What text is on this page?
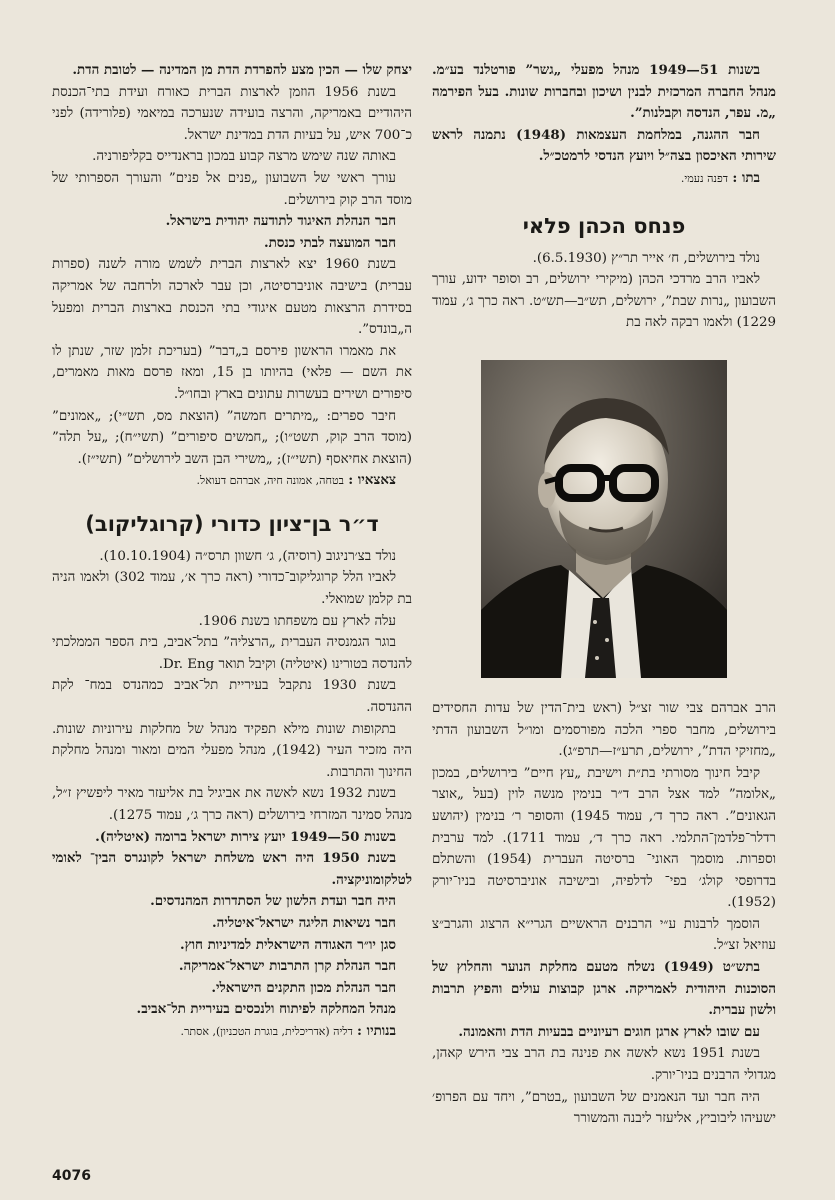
בשנות 51—1949 מנהל מפעלי „גשר” פורטלנד בע״מ. מנהל החברה המרכזית לבנין ושיכון ובחברות שונות. בעל הפירמה „מ. עפר, הנדסה וקבלנות”.

חבר ההגנה, במלחמת העצמאות (1948) נתמנה לראש שירותי האיכסון בצה״ל ויועץ הנדסי לרמטכ״ל.

בתו : דפנה נעמי.

פנחס הכהן פלאי

נולד בירושלים, ח׳ אייר תר״ץ (6.5.1930).

לאביו הרב מרדכי הכהן (מיקירי ירושלים, רב וסופר ידוע, עורך השבועון „נרות שבת”, ירושלים, תש״ב—תש״ט. ראה כרך ג׳, עמוד 1229) ולאמו רבקה לאה בת

הרב אברהם צבי שור זצ״ל (ראש בית־הדין של עדות החסידים בירושלים, מחבר ספרי הלכה מפורסמים ומו״ל השבועון הדתי „מחזיקי הדת”, ירושלים, תרע״ז—תרפ״ג).

קיבל חינוך מסורתי בת״ת וישיבת „עץ חיים” בירושלים, במכון „אלומה” למד אצל הרב ד״ר בנימין מנשה לוין (בעל „אוצר הגאונים”. ראה כרך ד׳, עמוד 1945) והסופר ר׳ בנימין (יהושע רדלר־פלדמן־התלמי. ראה כרך ד׳, עמוד 1711). למד ערבית וספרות. מוסמך האוני־ ברסיטה העברית (1954) והשתלם בדרופסי קולג׳ בפי־ לדלפיה, ובישיבה אוניברסיטה בניו־יורק (1952).

הוסמך לרבנות ע״י הרבנים הראשיים הגרי״א הרצוג והגרב״צ עוזיאל זצ״ל.

בתש״ט (1949) נשלח מטעם מחלקת הנוער והחלוץ של הסוכנות היהודית לאמריקה. ארגן קבוצות עולים והפיץ תרבות ולשון עברית.

עם שובו לארץ ארגן חוגים רעיוניים בבעיות הדת והאמונה.

בשנת 1951 נשא לאשה את פנינה בת הרב צבי הירש קאהן, מגדולי הרבנים בניו־יורק.

היה חבר ועד הנאמנים של השבועון „בטרם”, ויחד עם הפרופ׳ ישעיהו ליבוביץ, אליעזר ליבנה והמשורר

יצחק שלו — הכין מצע להפרדת הדת מן המדינה — לטובת הדת.

בשנת 1956 הוזמן לארצות הברית כאורח ועידת בתי־הכנסת היהודיים באמריקה, והרצה בועידה שנערכה במיאמי (פלורידה) לפני כ־700 איש, על בעיות הדת במדינת ישראל.

באותה שנה שימש מרצה קבוע במכון בראנדייס בקליפורניה.

עורך ראשי של השבועון „פנים אל פנים” והעורך הספרותי של מוסד הרב קוק בירושלים.

חבר הנהלת האיגוד לתודעה יהודית בישראל.

חבר המועצה לבתי כנסת.

בשנת 1960 יצא לארצות הברית לשמש מורה לשנה (ספרות עברית) בישיבה אוניברסיטה, וכן עבר לארכה ולרחבה של אמריקה בסידרת הרצאות מטעם איגודי בתי הכנסת בארצות הברית ומפעל ה„בונדס”.

את מאמרו הראשון פירסם ב„דבר” (בעריכת זלמן שזר, שנתן לו את השם — פלאי) בהיותו בן 15, ומאז פרסם מאות מאמרים, סיפורים ושירים בעשרות עתונים בארץ ובחו״ל.

חיבר ספרים: „מיתרים חמשה” (הוצאת מס, תש״י); „אמונים” (מוסד הרב קוק, תשט״ו); „חמשים סיפורים” (תשי״ח); „על תלה” (הוצאת אחיאסף (תשי״ז); „משירי הבן השב לירושלים” (תשי״ז).

צאצאיו : בטחה, אמונה חיה, אברהם דעואל.

ד״ר בן־ציון כדורי (קרוגליקוב)

נולד בצ׳רניגוב (רוסיה), ג׳ חשוון תרס״ה (10.10.1904).

לאביו הלל קרוגליקוב־כדורי (ראה כרך א׳, עמוד 302) ולאמו הניה בת קלמן שמואלי.

עלה לארץ עם משפחתו בשנת 1906.

בוגר הגמנסיה העברית „הרצליה” בתל־אביב, בית הספר הממלכתי להנדסה בטורינו (איטליה) וקיבל תואר Dr. Eng.

בשנת 1930 נתקבל בעיריית תל־אביב כמהנדס במח־ לקת ההנדסה.

בתקופות שונות מילא תפקיד מנהל של מחלקות עירוניות שונות. היה מזכיר העיר (1942), מנהל מפעלי המים ומאור ומנהל מחלקת החינוך והתרבות.

בשנת 1932 נשא לאשה את אביגיל בת אליעזר מאיר ליפשיץ ז״ל, מנהל סמינר המזרחי בירושלים (ראה כרך ג׳, עמוד 1275).

בשנות 50—1949 יועץ צירות ישראל ברומה (איטליה).

בשנת 1950 היה ראש משלחת ישראל לקונגרס הבין־ לאומי לטלקומוניקציה.

היה חבר ועדת הלשון של הסתדרות המהנדסים.

חבר נשיאות הליגה ישראל־איטליה.

סגן יו״ר האגודה הישראלית למדיניות חוץ.

חבר הנהלת קרן התרבות ישראל־אמריקה.

חבר הנהלת מכון התקנים הישראלי.

מנהל המחלקה לפיתוח ולנכסים בעיריית תל־אביב.

בנותיו : דליה (אדריכלית, בוגרת הטכניון), אסתר.

4076
